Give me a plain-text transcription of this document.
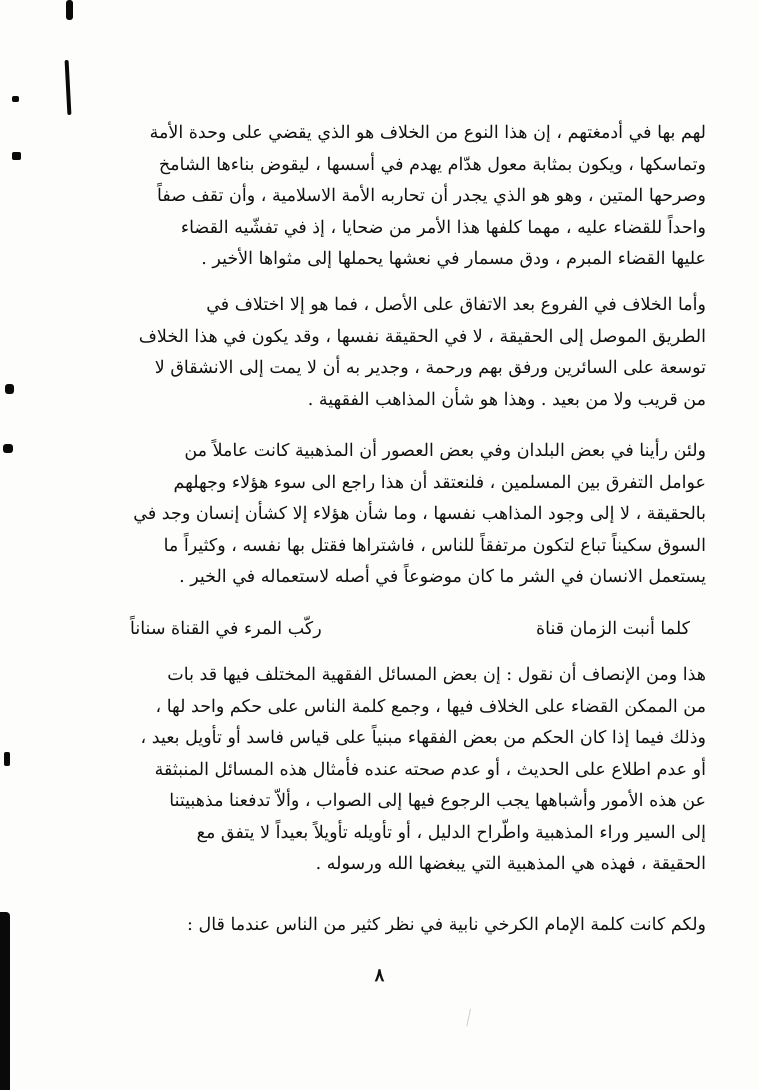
لهم بها في أدمغتهم ، إن هذا النوع من الخلاف هو الذي يقضي على وحدة الأمة
وتماسكها ، ويكون بمثابة معول هدّام يهدم في أسسها ، ليقوض بناءها الشامخ
وصرحها المتين ، وهو هو الذي يجدر أن تحاربه الأمة الاسلامية ، وأن تقف صفاً
واحداً للقضاء عليه ، مهما كلفها هذا الأمر من ضحايا ، إذ في تفشّيه القضاء
عليها القضاء المبرم ، ودق مسمار في نعشها يحملها إلى مثواها الأخير .
وأما الخلاف في الفروع بعد الاتفاق على الأصل ، فما هو إلا اختلاف في
الطريق الموصل إلى الحقيقة ، لا في الحقيقة نفسها ، وقد يكون في هذا الخلاف
توسعة على السائرين ورفق بهم ورحمة ، وجدير به أن لا يمت إلى الانشقاق لا
من قريب ولا من بعيد . وهذا هو شأن المذاهب الفقهية .
ولئن رأينا في بعض البلدان وفي بعض العصور أن المذهبية كانت عاملاً من
عوامل التفرق بين المسلمين ، فلنعتقد أن هذا راجع الى سوء هؤلاء وجهلهم
بالحقيقة ، لا إلى وجود المذاهب نفسها ، وما شأن هؤلاء إلا كشأن إنسان وجد في
السوق سكيناً تباع لتكون مرتفقاً للناس ، فاشتراها فقتل بها نفسه ، وكثيراً ما
يستعمل الانسان في الشر ما كان موضوعاً في أصله لاستعماله في الخير .
كلما أنبت الزمان قناة
ركّب المرء في القناة سناناً
هذا ومن الإنصاف أن نقول : إن بعض المسائل الفقهية المختلف فيها قد بات
من الممكن القضاء على الخلاف فيها ، وجمع كلمة الناس على حكم واحد لها ،
وذلك فيما إذا كان الحكم من بعض الفقهاء مبنياً على قياس فاسد أو تأويل بعيد ،
أو عدم اطلاع على الحديث ، أو عدم صحته عنده فأمثال هذه المسائل المنبثقة
عن هذه الأمور وأشباهها يجب الرجوع فيها إلى الصواب ، وألاّ تدفعنا مذهبيتنا
إلى السير وراء المذهبية واطّراح الدليل ، أو تأويله تأويلاً بعيداً لا يتفق مع
الحقيقة ، فهذه هي المذهبية التي يبغضها الله ورسوله .
ولكم كانت كلمة الإمام الكرخي نابية في نظر كثير من الناس عندما قال :
٨
